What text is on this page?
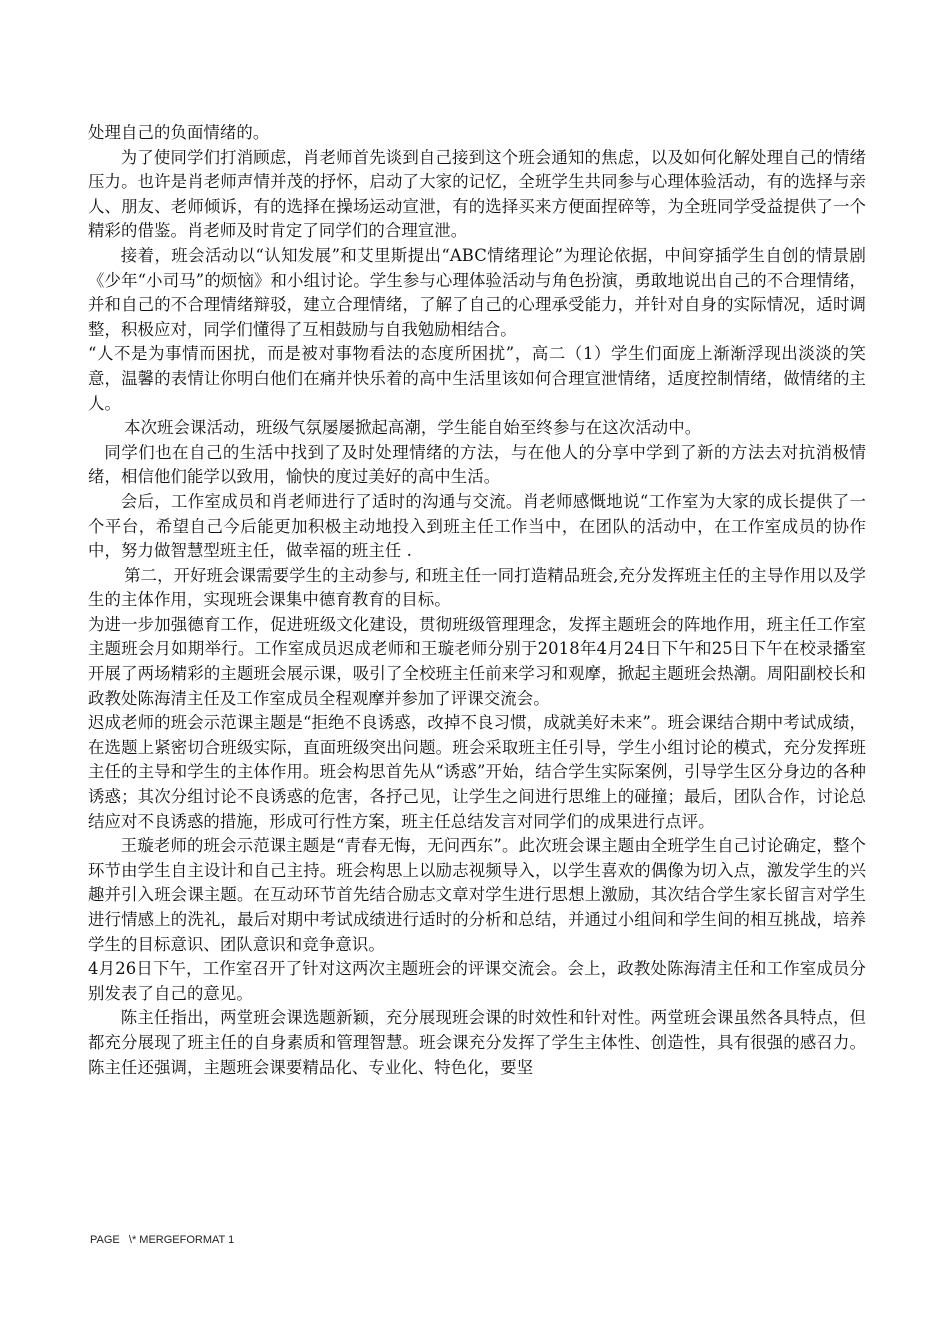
处理自己的负面情绪的。

为了使同学们打消顾虑，肖老师首先谈到自己接到这个班会通知的焦虑，以及如何化解处理自己的情绪压力。也许是肖老师声情并茂的抒怀，启动了大家的记忆，全班学生共同参与心理体验活动，有的选择与亲人、朋友、老师倾诉，有的选择在操场运动宣泄，有的选择买来方便面捏碎等，为全班同学受益提供了一个精彩的借鉴。肖老师及时肯定了同学们的合理宣泄。

接着，班会活动以“认知发展”和艾里斯提出“ABC情绪理论”为理论依据，中间穿插学生自创的情景剧《少年“小司马”的烦恼》和小组讨论。学生参与心理体验活动与角色扮演，勇敢地说出自己的不合理情绪，并和自己的不合理情绪辩驳，建立合理情绪，了解了自己的心理承受能力，并针对自身的实际情况，适时调整，积极应对，同学们懂得了互相鼓励与自我勉励相结合。

“人不是为事情而困扰，而是被对事物看法的态度所困扰”，高二（1）学生们面庞上渐渐浮现出淡淡的笑意，温馨的表情让你明白他们在痛并快乐着的高中生活里该如何合理宣泄情绪，适度控制情绪，做情绪的主人。

本次班会课活动，班级气氛屡屡掀起高潮，学生能自始至终参与在这次活动中。

同学们也在自己的生活中找到了及时处理情绪的方法，与在他人的分享中学到了新的方法去对抗消极情绪，相信他们能学以致用，愉快的度过美好的高中生活。

会后，工作室成员和肖老师进行了适时的沟通与交流。肖老师感慨地说“工作室为大家的成长提供了一个平台，希望自己今后能更加积极主动地投入到班主任工作当中，在团队的活动中，在工作室成员的协作中，努力做智慧型班主任，做幸福的班主任 .

第二，开好班会课需要学生的主动参与, 和班主任一同打造精品班会,充分发挥班主任的主导作用以及学生的主体作用，实现班会课集中德育教育的目标。

为进一步加强德育工作，促进班级文化建设，贯彻班级管理理念，发挥主题班会的阵地作用，班主任工作室主题班会月如期举行。工作室成员迟成老师和王璇老师分别于2018年4月24日下午和25日下午在校录播室开展了两场精彩的主题班会展示课，吸引了全校班主任前来学习和观摩，掀起主题班会热潮。周阳副校长和政教处陈海清主任及工作室成员全程观摩并参加了评课交流会。

迟成老师的班会示范课主题是“拒绝不良诱惑，改掉不良习惯，成就美好未来”。班会课结合期中考试成绩，在选题上紧密切合班级实际，直面班级突出问题。班会采取班主任引导，学生小组讨论的模式，充分发挥班主任的主导和学生的主体作用。班会构思首先从“诱惑”开始，结合学生实际案例，引导学生区分身边的各种诱惑；其次分组讨论不良诱惑的危害，各抒己见，让学生之间进行思维上的碰撞；最后，团队合作，讨论总结应对不良诱惑的措施，形成可行性方案，班主任总结发言对同学们的成果进行点评。

王璇老师的班会示范课主题是“青春无悔，无问西东”。此次班会课主题由全班学生自己讨论确定，整个环节由学生自主设计和自己主持。班会构思上以励志视频导入，以学生喜欢的偶像为切入点，激发学生的兴趣并引入班会课主题。在互动环节首先结合励志文章对学生进行思想上激励，其次结合学生家长留言对学生进行情感上的洗礼，最后对期中考试成绩进行适时的分析和总结，并通过小组间和学生间的相互挑战，培养学生的目标意识、团队意识和竞争意识。

4月26日下午，工作室召开了针对这两次主题班会的评课交流会。会上，政教处陈海清主任和工作室成员分别发表了自己的意见。

陈主任指出，两堂班会课选题新颖，充分展现班会课的时效性和针对性。两堂班会课虽然各具特点，但都充分展现了班主任的自身素质和管理智慧。班会课充分发挥了学生主体性、创造性，具有很强的感召力。陈主任还强调，主题班会课要精品化、专业化、特色化，要坚

PAGE   \* MERGEFORMAT 1
